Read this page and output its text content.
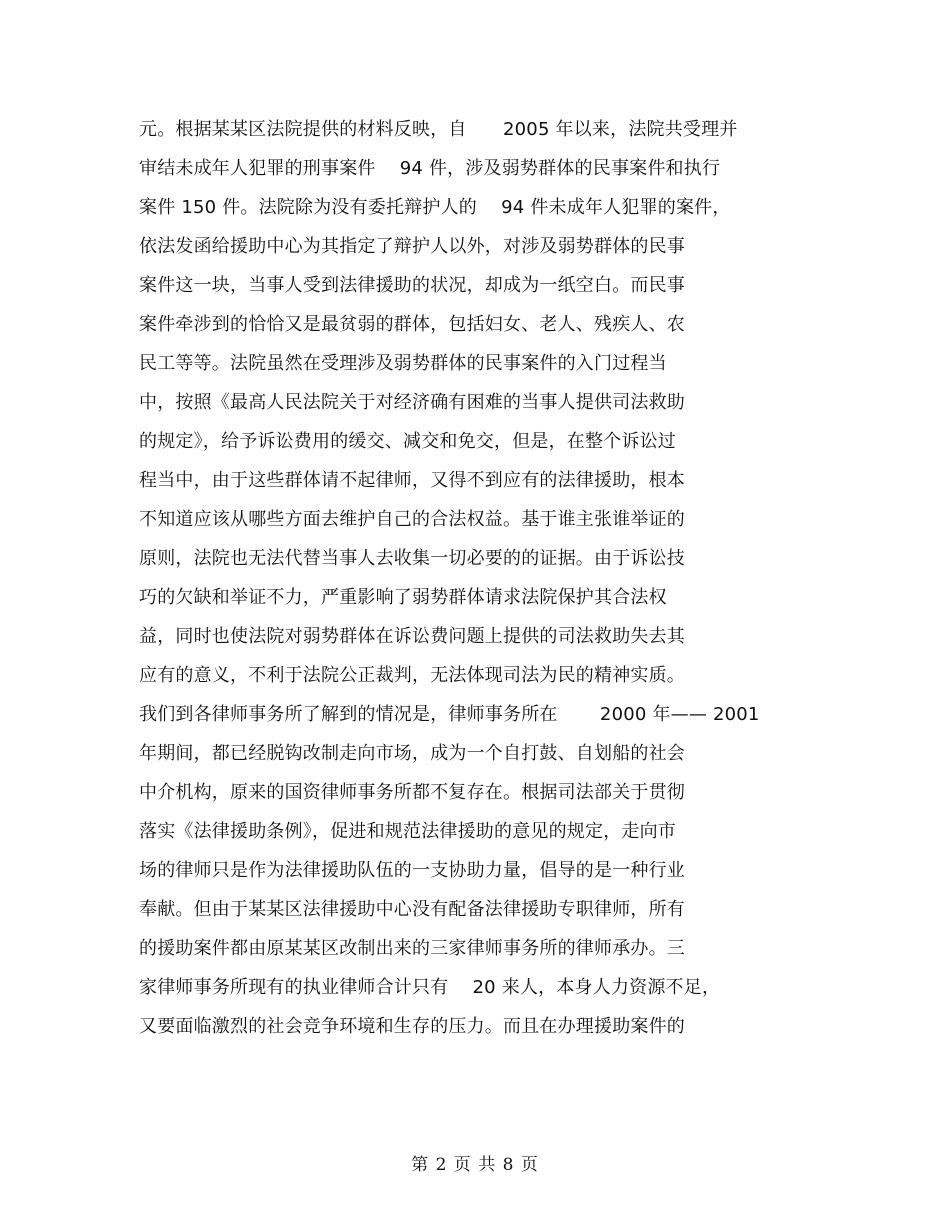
元。根据某某区法院提供的材料反映，自　　2005 年以来，法院共受理并
审结未成年人犯罪的刑事案件　 94 件，涉及弱势群体的民事案件和执行
案件 150 件。法院除为没有委托辩护人的　 94 件未成年人犯罪的案件，
依法发函给援助中心为其指定了辩护人以外，对涉及弱势群体的民事
案件这一块，当事人受到法律援助的状况，却成为一纸空白。而民事
案件牵涉到的恰恰又是最贫弱的群体，包括妇女、老人、残疾人、农
民工等等。法院虽然在受理涉及弱势群体的民事案件的入门过程当
中，按照《最高人民法院关于对经济确有困难的当事人提供司法救助
的规定》，给予诉讼费用的缓交、减交和免交，但是，在整个诉讼过
程当中，由于这些群体请不起律师，又得不到应有的法律援助，根本
不知道应该从哪些方面去维护自己的合法权益。基于谁主张谁举证的
原则，法院也无法代替当事人去收集一切必要的的证据。由于诉讼技
巧的欠缺和举证不力，严重影响了弱势群体请求法院保护其合法权
益，同时也使法院对弱势群体在诉讼费问题上提供的司法救助失去其
应有的意义，不利于法院公正裁判，无法体现司法为民的精神实质。
我们到各律师事务所了解到的情况是，律师事务所在　　 2000 年—— 2001
年期间，都已经脱钩改制走向市场，成为一个自打鼓、自划船的社会
中介机构，原来的国资律师事务所都不复存在。根据司法部关于贯彻
落实《法律援助条例》，促进和规范法律援助的意见的规定，走向市
场的律师只是作为法律援助队伍的一支协助力量，倡导的是一种行业
奉献。但由于某某区法律援助中心没有配备法律援助专职律师，所有
的援助案件都由原某某区改制出来的三家律师事务所的律师承办。三
家律师事务所现有的执业律师合计只有　 20 来人，本身人力资源不足，
又要面临激烈的社会竞争环境和生存的压力。而且在办理援助案件的
第 2 页 共 8 页
